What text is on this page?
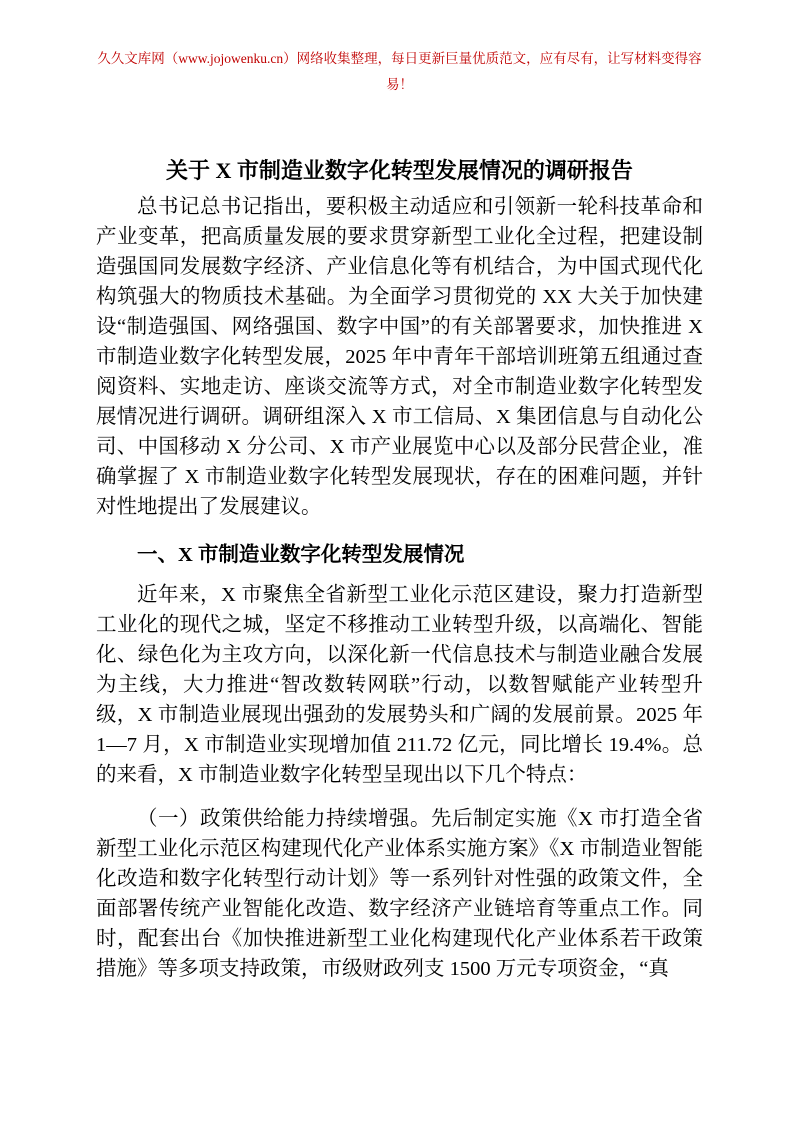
久久文库网（www.jojowenku.cn）网络收集整理，每日更新巨量优质范文，应有尽有，让写材料变得容易！

关于 X 市制造业数字化转型发展情况的调研报告

总书记总书记指出，要积极主动适应和引领新一轮科技革命和产业变革，把高质量发展的要求贯穿新型工业化全过程，把建设制造强国同发展数字经济、产业信息化等有机结合，为中国式现代化构筑强大的物质技术基础。为全面学习贯彻党的 XX 大关于加快建设“制造强国、网络强国、数字中国”的有关部署要求，加快推进 X 市制造业数字化转型发展，2025 年中青年干部培训班第五组通过查阅资料、实地走访、座谈交流等方式，对全市制造业数字化转型发展情况进行调研。调研组深入 X 市工信局、X 集团信息与自动化公司、中国移动 X 分公司、X 市产业展览中心以及部分民营企业，准确掌握了 X 市制造业数字化转型发展现状，存在的困难问题，并针对性地提出了发展建议。

一、X 市制造业数字化转型发展情况

近年来，X 市聚焦全省新型工业化示范区建设，聚力打造新型工业化的现代之城，坚定不移推动工业转型升级，以高端化、智能化、绿色化为主攻方向，以深化新一代信息技术与制造业融合发展为主线，大力推进“智改数转网联”行动，以数智赋能产业转型升级，X 市制造业展现出强劲的发展势头和广阔的发展前景。2025 年 1—7 月，X 市制造业实现增加值 211.72 亿元，同比增长 19.4%。总的来看，X 市制造业数字化转型呈现出以下几个特点：

（一）政策供给能力持续增强。先后制定实施《X 市打造全省新型工业化示范区构建现代化产业体系实施方案》《X 市制造业智能化改造和数字化转型行动计划》等一系列针对性强的政策文件，全面部署传统产业智能化改造、数字经济产业链培育等重点工作。同时，配套出台《加快推进新型工业化构建现代化产业体系若干政策措施》等多项支持政策，市级财政列支 1500 万元专项资金，“真
